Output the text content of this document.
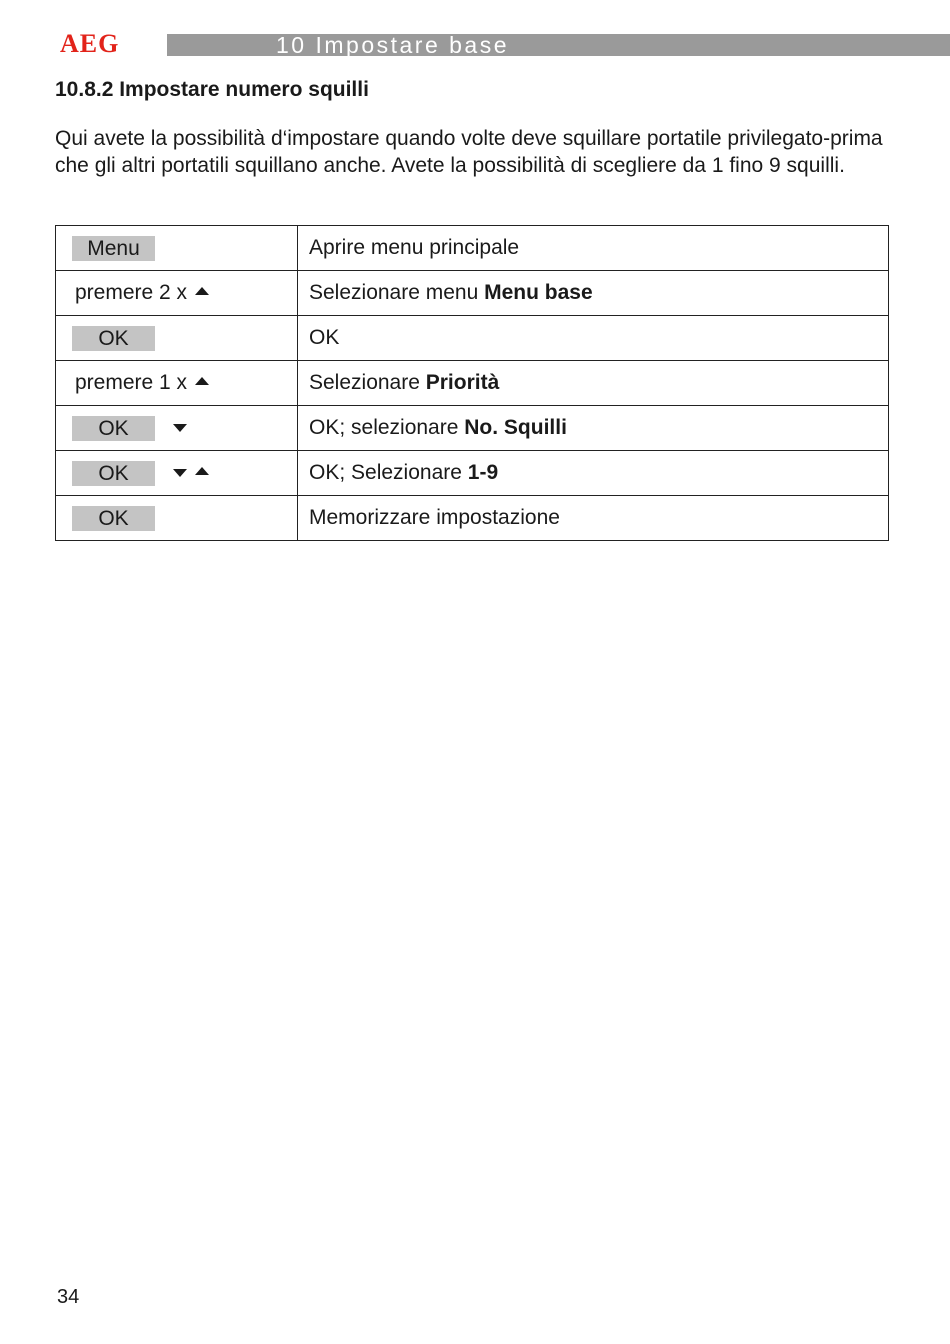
AEG	10 Impostare base
10.8.2 Impostare numero squilli

Qui avete la possibilità d‘impostare quando volte deve squillare portatile privilegato-prima che gli altri portatili squillano anche. Avete la possibilità di scegliere da 1 fino 9 squilli.

Menu	Aprire menu principale
premere 2 x	Selezionare menu Menu base
OK	OK
premere 1 x	Selezionare Priorità
OK	OK; selezionare No. Squilli
OK	OK; Selezionare 1-9
OK	Memorizzare impostazione
34
